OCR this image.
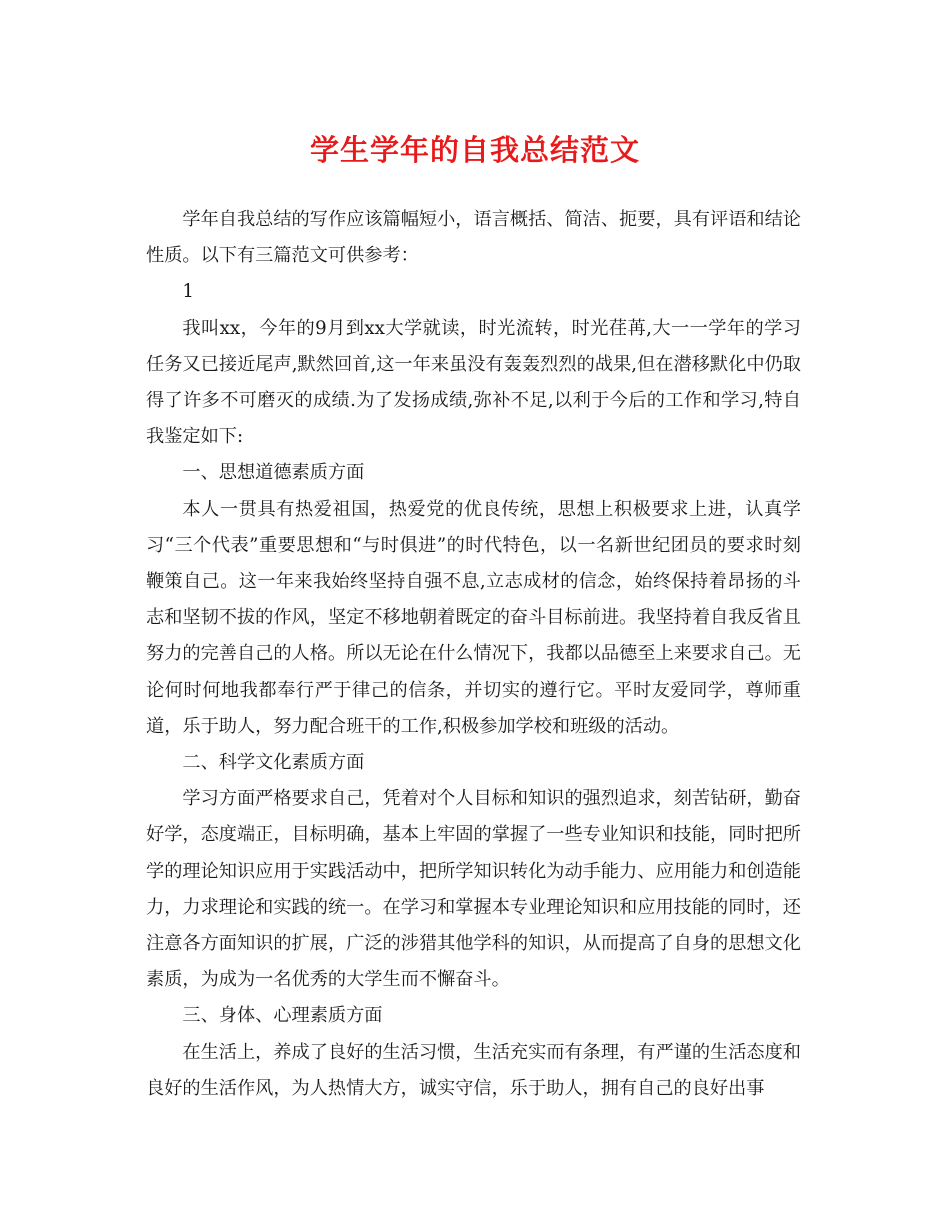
学生学年的自我总结范文

学年自我总结的写作应该篇幅短小，语言概括、简洁、扼要，具有评语和结论性质。以下有三篇范文可供参考：

1

我叫xx，今年的9月到xx大学就读，时光流转，时光荏苒,大一一学年的学习任务又已接近尾声,默然回首,这一年来虽没有轰轰烈烈的战果,但在潜移默化中仍取得了许多不可磨灭的成绩.为了发扬成绩,弥补不足,以利于今后的工作和学习,特自我鉴定如下:

一、思想道德素质方面

本人一贯具有热爱祖国，热爱党的优良传统，思想上积极要求上进，认真学习“三个代表”重要思想和“与时俱进”的时代特色，以一名新世纪团员的要求时刻鞭策自己。这一年来我始终坚持自强不息,立志成材的信念，始终保持着昂扬的斗志和坚韧不拔的作风，坚定不移地朝着既定的奋斗目标前进。我坚持着自我反省且努力的完善自己的人格。所以无论在什么情况下，我都以品德至上来要求自己。无论何时何地我都奉行严于律己的信条，并切实的遵行它。平时友爱同学，尊师重道，乐于助人，努力配合班干的工作,积极参加学校和班级的活动。

二、科学文化素质方面

学习方面严格要求自己，凭着对个人目标和知识的强烈追求，刻苦钻研，勤奋好学，态度端正，目标明确，基本上牢固的掌握了一些专业知识和技能，同时把所学的理论知识应用于实践活动中，把所学知识转化为动手能力、应用能力和创造能力，力求理论和实践的统一。在学习和掌握本专业理论知识和应用技能的同时，还注意各方面知识的扩展，广泛的涉猎其他学科的知识，从而提高了自身的思想文化素质，为成为一名优秀的大学生而不懈奋斗。

三、身体、心理素质方面

在生活上，养成了良好的生活习惯，生活充实而有条理，有严谨的生活态度和良好的生活作风，为人热情大方，诚实守信，乐于助人，拥有自己的良好出事
